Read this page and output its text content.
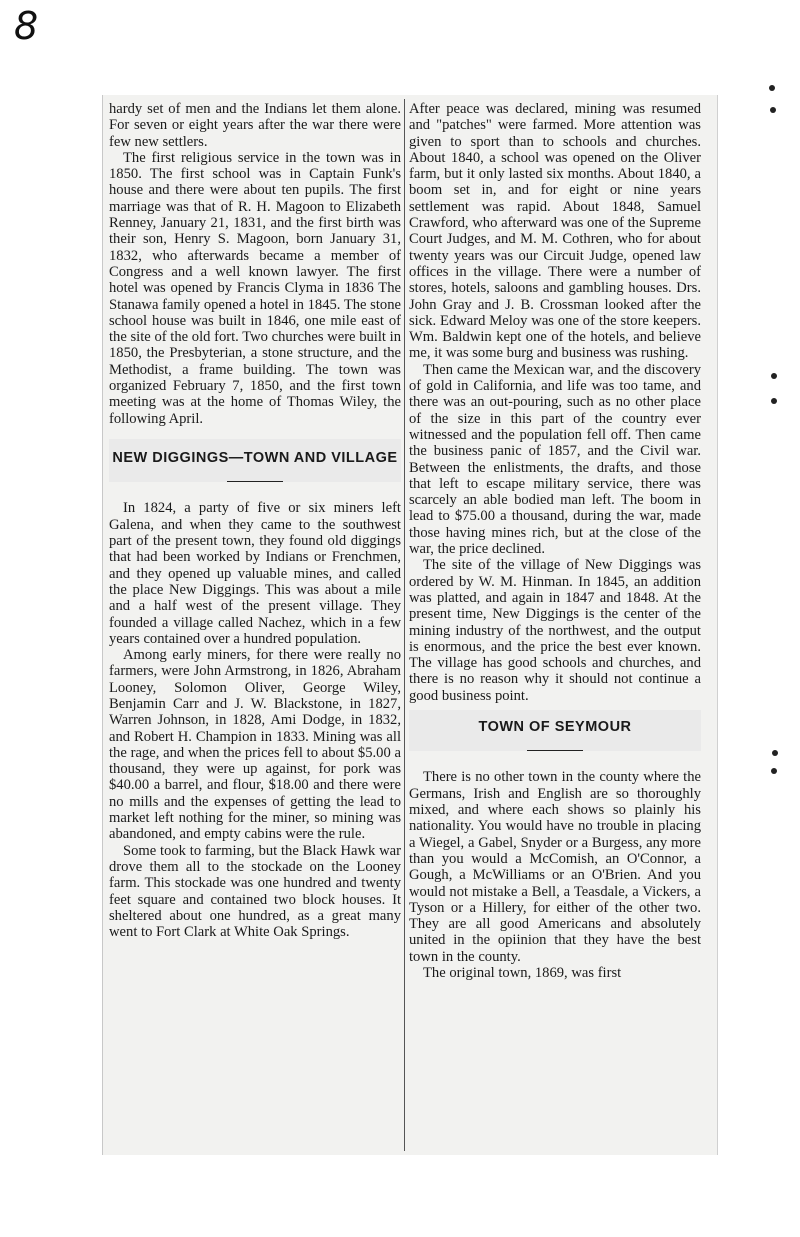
8

hardy set of men and the Indians let them alone. For seven or eight years after the war there were few new settlers.

The first religious service in the town was in 1850. The first school was in Captain Funk's house and there were about ten pupils. The first marriage was that of R. H. Magoon to Elizabeth Renney, January 21, 1831, and the first birth was their son, Henry S. Magoon, born January 31, 1832, who afterwards became a member of Congress and a well known lawyer. The first hotel was opened by Francis Clyma in 1836 The Stanawa family opened a hotel in 1845. The stone school house was built in 1846, one mile east of the site of the old fort. Two churches were built in 1850, the Presbyterian, a stone structure, and the Methodist, a frame building. The town was organized February 7, 1850, and the first town meeting was at the home of Thomas Wiley, the following April.

NEW DIGGINGS—TOWN AND VILLAGE

In 1824, a party of five or six miners left Galena, and when they came to the southwest part of the present town, they found old diggings that had been worked by Indians or Frenchmen, and they opened up valuable mines, and called the place New Diggings. This was about a mile and a half west of the present village. They founded a village called Nachez, which in a few years contained over a hundred population.

Among early miners, for there were really no farmers, were John Armstrong, in 1826, Abraham Looney, Solomon Oliver, George Wiley, Benjamin Carr and J. W. Blackstone, in 1827, Warren Johnson, in 1828, Ami Dodge, in 1832, and Robert H. Champion in 1833. Mining was all the rage, and when the prices fell to about $5.00 a thousand, they were up against, for pork was $40.00 a barrel, and flour, $18.00 and there were no mills and the expenses of getting the lead to market left nothing for the miner, so mining was abandoned, and empty cabins were the rule.

Some took to farming, but the Black Hawk war drove them all to the stockade on the Looney farm. This stockade was one hundred and twenty feet square and contained two block houses. It sheltered about one hundred, as a great many went to Fort Clark at White Oak Springs.

After peace was declared, mining was resumed and "patches" were farmed. More attention was given to sport than to schools and churches. About 1840, a school was opened on the Oliver farm, but it only lasted six months. About 1840, a boom set in, and for eight or nine years settlement was rapid. About 1848, Samuel Crawford, who afterward was one of the Supreme Court Judges, and M. M. Cothren, who for about twenty years was our Circuit Judge, opened law offices in the village. There were a number of stores, hotels, saloons and gambling houses. Drs. John Gray and J. B. Crossman looked after the sick. Edward Meloy was one of the store keepers. Wm. Baldwin kept one of the hotels, and believe me, it was some burg and business was rushing.

Then came the Mexican war, and the discovery of gold in California, and life was too tame, and there was an out-pouring, such as no other place of the size in this part of the country ever witnessed and the population fell off. Then came the business panic of 1857, and the Civil war. Between the enlistments, the drafts, and those that left to escape military service, there was scarcely an able bodied man left. The boom in lead to $75.00 a thousand, during the war, made those having mines rich, but at the close of the war, the price declined.

The site of the village of New Diggings was ordered by W. M. Hinman. In 1845, an addition was platted, and again in 1847 and 1848. At the present time, New Diggings is the center of the mining industry of the northwest, and the output is enormous, and the price the best ever known. The village has good schools and churches, and there is no reason why it should not continue a good business point.

TOWN OF SEYMOUR

There is no other town in the county where the Germans, Irish and English are so thoroughly mixed, and where each shows so plainly his nationality. You would have no trouble in placing a Wiegel, a Gabel, Snyder or a Burgess, any more than you would a McComish, an O'Connor, a Gough, a McWilliams or an O'Brien. And you would not mistake a Bell, a Teasdale, a Vickers, a Tyson or a Hillery, for either of the other two. They are all good Americans and absolutely united in the opiinion that they have the best town in the county.

The original town, 1869, was first
